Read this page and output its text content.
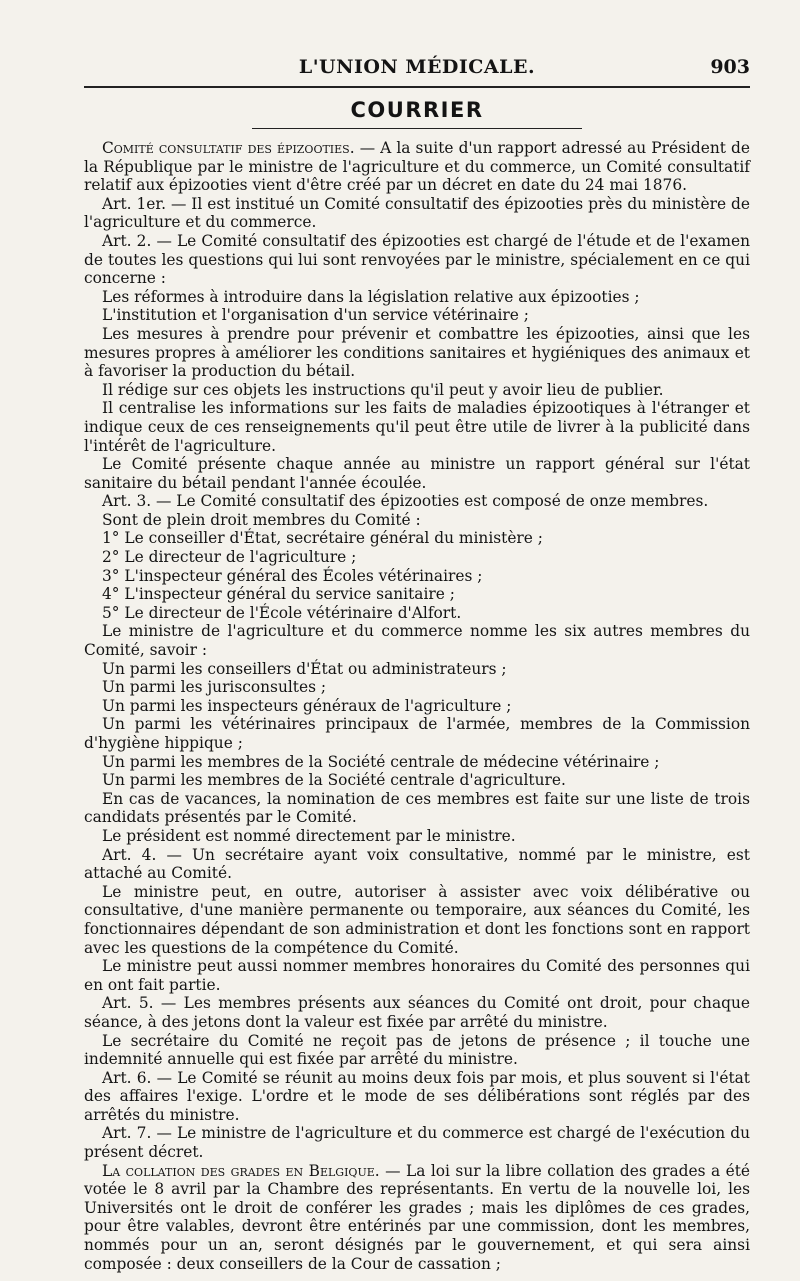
L'UNION MÉDICALE.	903
COURRIER

Comité consultatif des épizooties. — A la suite d'un rapport adressé au Président de la République par le ministre de l'agriculture et du commerce, un Comité consultatif relatif aux épizooties vient d'être créé par un décret en date du 24 mai 1876.

Art. 1er. — Il est institué un Comité consultatif des épizooties près du ministère de l'agriculture et du commerce.

Art. 2. — Le Comité consultatif des épizooties est chargé de l'étude et de l'examen de toutes les questions qui lui sont renvoyées par le ministre, spécialement en ce qui concerne :

Les réformes à introduire dans la législation relative aux épizooties ;

L'institution et l'organisation d'un service vétérinaire ;

Les mesures à prendre pour prévenir et combattre les épizooties, ainsi que les mesures propres à améliorer les conditions sanitaires et hygiéniques des animaux et à favoriser la production du bétail.

Il rédige sur ces objets les instructions qu'il peut y avoir lieu de publier.

Il centralise les informations sur les faits de maladies épizootiques à l'étranger et indique ceux de ces renseignements qu'il peut être utile de livrer à la publicité dans l'intérêt de l'agriculture.

Le Comité présente chaque année au ministre un rapport général sur l'état sanitaire du bétail pendant l'année écoulée.

Art. 3. — Le Comité consultatif des épizooties est composé de onze membres.

Sont de plein droit membres du Comité :

1° Le conseiller d'État, secrétaire général du ministère ;

2° Le directeur de l'agriculture ;

3° L'inspecteur général des Écoles vétérinaires ;

4° L'inspecteur général du service sanitaire ;

5° Le directeur de l'École vétérinaire d'Alfort.

Le ministre de l'agriculture et du commerce nomme les six autres membres du Comité, savoir :

Un parmi les conseillers d'État ou administrateurs ;

Un parmi les jurisconsultes ;

Un parmi les inspecteurs généraux de l'agriculture ;

Un parmi les vétérinaires principaux de l'armée, membres de la Commission d'hygiène hippique ;

Un parmi les membres de la Société centrale de médecine vétérinaire ;

Un parmi les membres de la Société centrale d'agriculture.

En cas de vacances, la nomination de ces membres est faite sur une liste de trois candidats présentés par le Comité.

Le président est nommé directement par le ministre.

Art. 4. — Un secrétaire ayant voix consultative, nommé par le ministre, est attaché au Comité.

Le ministre peut, en outre, autoriser à assister avec voix délibérative ou consultative, d'une manière permanente ou temporaire, aux séances du Comité, les fonctionnaires dépendant de son administration et dont les fonctions sont en rapport avec les questions de la compétence du Comité.

Le ministre peut aussi nommer membres honoraires du Comité des personnes qui en ont fait partie.

Art. 5. — Les membres présents aux séances du Comité ont droit, pour chaque séance, à des jetons dont la valeur est fixée par arrêté du ministre.

Le secrétaire du Comité ne reçoit pas de jetons de présence ; il touche une indemnité annuelle qui est fixée par arrêté du ministre.

Art. 6. — Le Comité se réunit au moins deux fois par mois, et plus souvent si l'état des affaires l'exige. L'ordre et le mode de ses délibérations sont réglés par des arrêtés du ministre.

Art. 7. — Le ministre de l'agriculture et du commerce est chargé de l'exécution du présent décret.

La collation des grades en Belgique. — La loi sur la libre collation des grades a été votée le 8 avril par la Chambre des représentants. En vertu de la nouvelle loi, les Universités ont le droit de conférer les grades ; mais les diplômes de ces grades, pour être valables, devront être entérinés par une commission, dont les membres, nommés pour un an, seront désignés par le gouvernement, et qui sera ainsi composée : deux conseillers de la Cour de cassation ;
